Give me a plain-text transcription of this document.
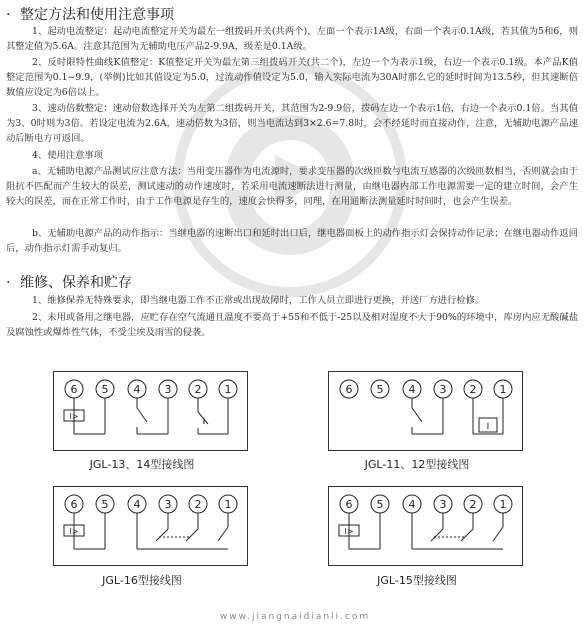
· 整定方法和使用注意事项
1、起动电流整定：起动电流整定开关为最左一组拨码开关(共两个)，左面一个表示1A级，右面一个表示0.1A级，若其值为5和6，则其整定值为5.6A。注意其范围为无辅助电压产品2-9.9A，级差是0.1A级。
2、反时限特性曲线K值整定：K值整定开关为最左第三组拨码开关(共二个)，左边一个为表示1级，右边一个表示0.1级。本产品K值整定范围为0.1~9.9，(举例)比如其值设定为5.0，过流动作值设定为5.0，输入实际电流为30A时那么它的延时时间为13.5秒，但其速断倍数值应设定为6倍以上。
3、速动倍数整定：速动倍数选择开关为左第二组拨码开关，其范围为2-9.9倍，拨码左边一个表示1倍，右边一个表示0.1倍。当其值为3、0时则为3倍。若设定电流为2.6A，速动倍数为3倍，则当电流达到3×2.6=7.8时，会不经延时而直接动作，注意，无辅助电源产品速动后断电方可返回。
4、使用注意事项
a、无辅助电源产品测试应注意方法：当用变压器作为电流源时，要求变压器的次级匝数与电流互感器的次级匝数相当，否则就会由于阻抗不匹配而产生较大的误差，测试速动的动作速度时，若采用电流速断法进行测量，由继电器内部工作电源需要一定的建立时间，会产生较大的误差，而在正常工作时，由于工作电源是存生的，速度会快得多，同理，在用通断法测量延时时间时，也会产生误差。
b、无辅助电源产品的动作指示：当继电器的速断出口和延时出口后，继电器面板上的动作指示灯会保持动作记录；在继电器动作返回后，动作指示灯需手动复归。
· 维修、保养和贮存
1、维修保养无特殊要求，即当继电器工作不正常或出现故障时，工作人员立即进行更换，并送厂方进行检修。
2、未用或备用之继电器，应贮存在空气流通且温度不要高于+55和不低于-25以及相对湿度不大于90%的环境中，库房内应无酸碱盐及腐蚀性或爆炸性气体，不受尘埃及雨雪的侵袭。
6 5 4 3 2 1
I>
JGL-13、14型接线图
6 5 4 3 2 1
I
JGL-11、12型接线图
6 5 4 3 2 1
I>
JGL-16型接线图
6 5 4 3 2 1
I>
JGL-15型接线图
www.jiangnaidianli.com
